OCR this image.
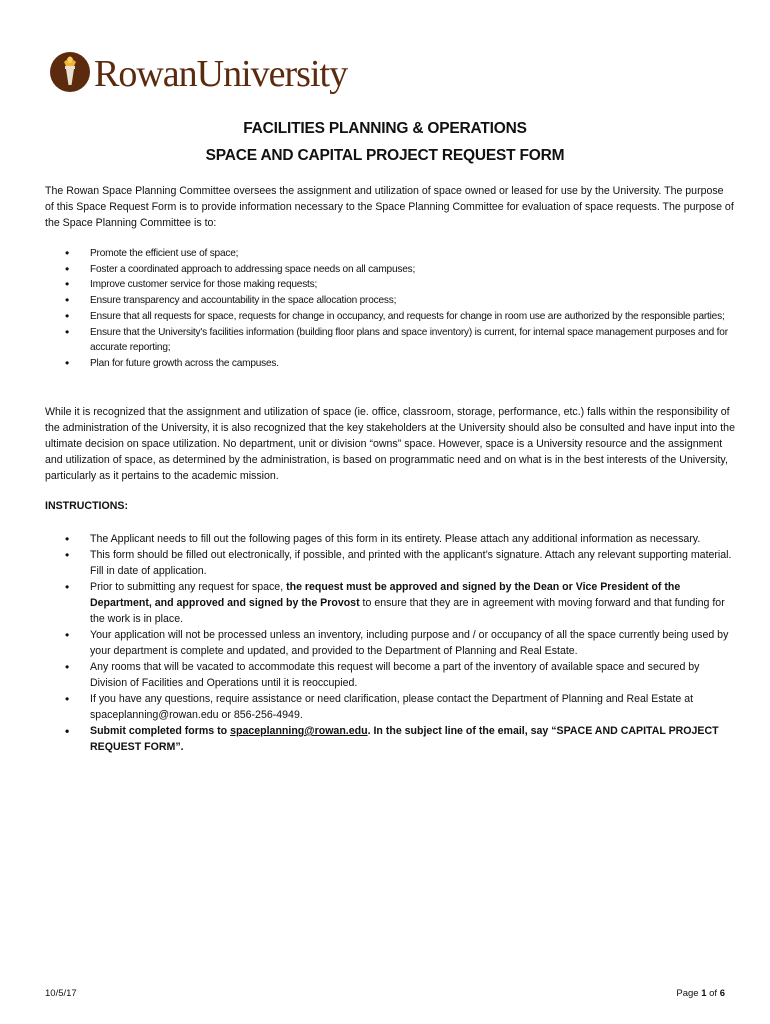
RowanUniversity
FACILITIES PLANNING & OPERATIONS
SPACE AND CAPITAL PROJECT REQUEST FORM

The Rowan Space Planning Committee oversees the assignment and utilization of space owned or leased for use by the University. The purpose of this Space Request Form is to provide information necessary to the Space Planning Committee for evaluation of space requests. The purpose of the Space Planning Committee is to:

• Promote the efficient use of space;
• Foster a coordinated approach to addressing space needs on all campuses;
• Improve customer service for those making requests;
• Ensure transparency and accountability in the space allocation process;
• Ensure that all requests for space, requests for change in occupancy, and requests for change in room use are authorized by the responsible parties;
• Ensure that the University's facilities information (building floor plans and space inventory) is current, for internal space management purposes and for accurate reporting;
• Plan for future growth across the campuses.

While it is recognized that the assignment and utilization of space (ie. office, classroom, storage, performance, etc.) falls within the responsibility of the administration of the University, it is also recognized that the key stakeholders at the University should also be consulted and have input into the ultimate decision on space utilization. No department, unit or division “owns” space. However, space is a University resource and the assignment and utilization of space, as determined by the administration, is based on programmatic need and on what is in the best interests of the University, particularly as it pertains to the academic mission.

INSTRUCTIONS:
• The Applicant needs to fill out the following pages of this form in its entirety. Please attach any additional information as necessary.
• This form should be filled out electronically, if possible, and printed with the applicant’s signature. Attach any relevant supporting material. Fill in date of application.
• Prior to submitting any request for space, the request must be approved and signed by the Dean or Vice President of the Department, and approved and signed by the Provost to ensure that they are in agreement with moving forward and that funding for the work is in place.
• Your application will not be processed unless an inventory, including purpose and / or occupancy of all the space currently being used by your department is complete and updated, and provided to the Department of Planning and Real Estate.
• Any rooms that will be vacated to accommodate this request will become a part of the inventory of available space and secured by Division of Facilities and Operations until it is reoccupied.
• If you have any questions, require assistance or need clarification, please contact the Department of Planning and Real Estate at spaceplanning@rowan.edu or 856-256-4949.
• Submit completed forms to spaceplanning@rowan.edu. In the subject line of the email, say “SPACE AND CAPITAL PROJECT REQUEST FORM”.
10/5/17	Page 1 of 6
